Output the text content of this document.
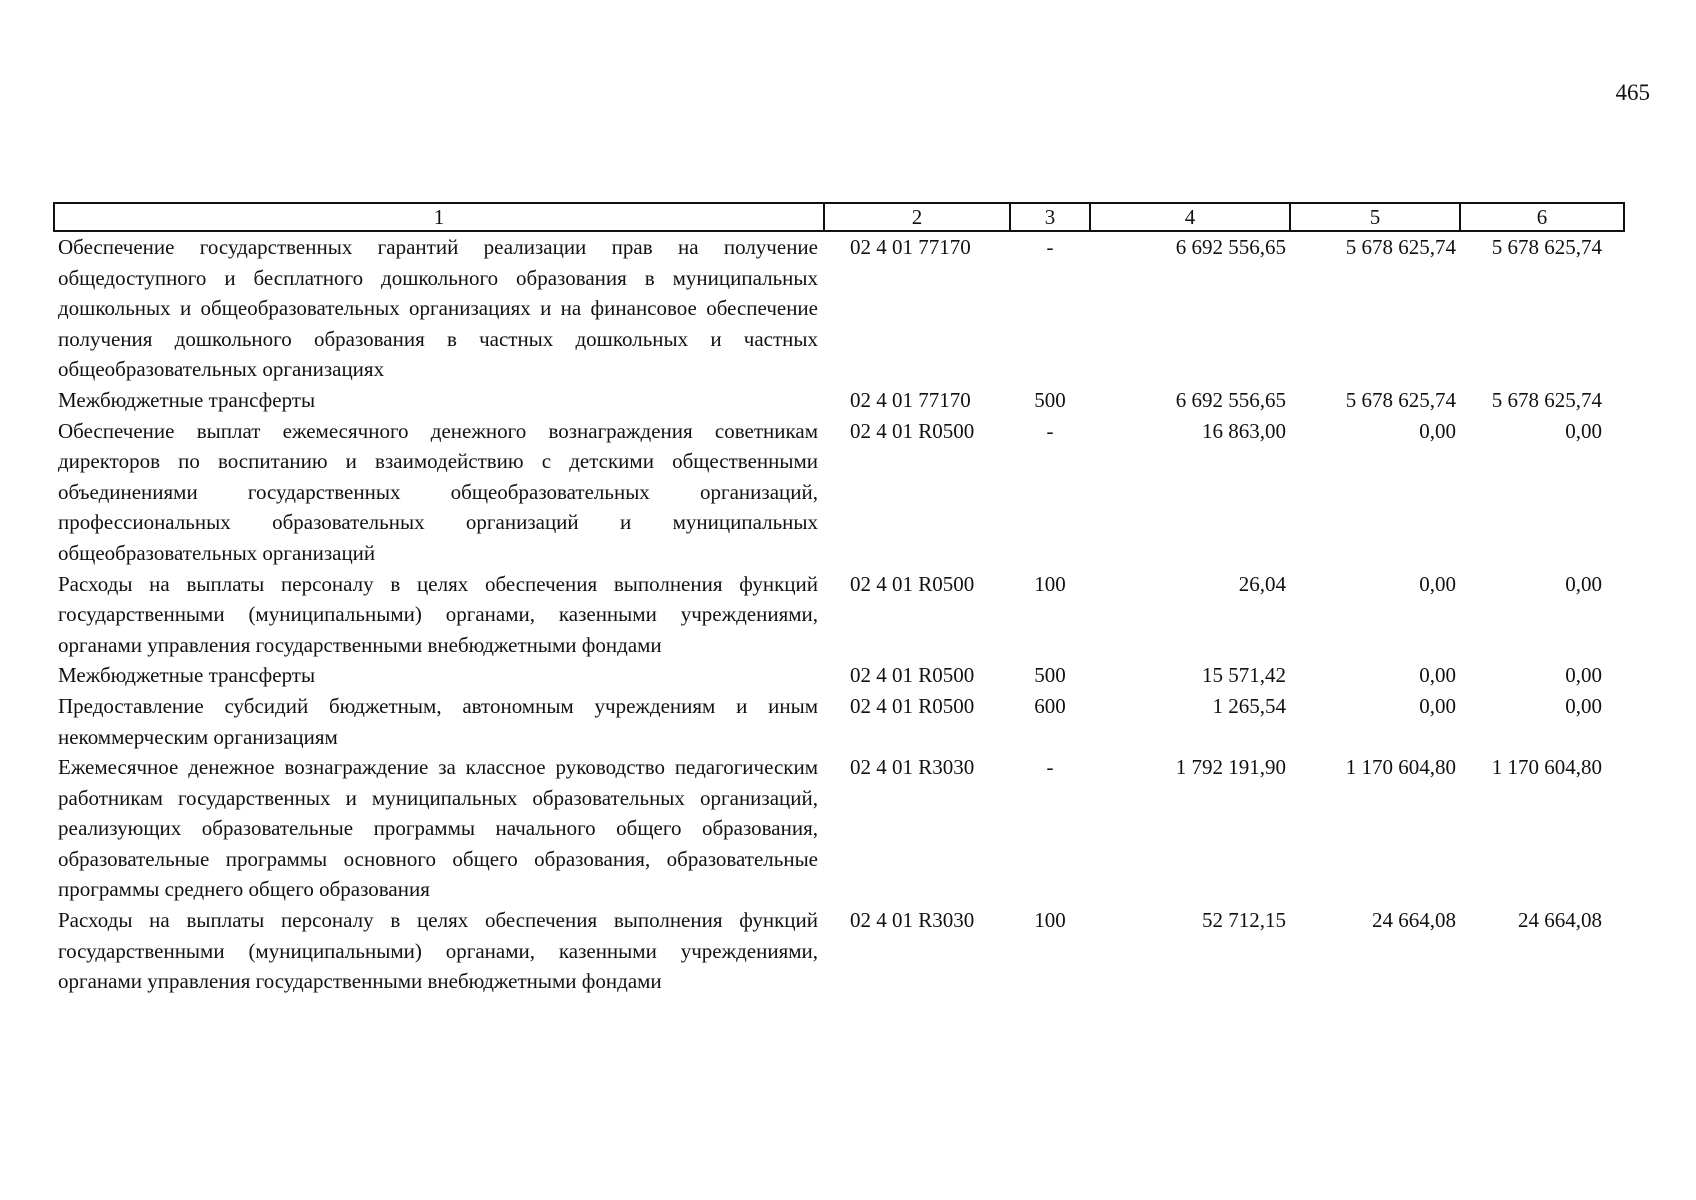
465
1	2	3	4	5	6
Обеспечение государственных гарантий реализации прав на получение общедоступного и бесплатного дошкольного образования в муниципальных дошкольных и общеобразовательных организациях и на финансовое обеспечение получения дошкольного образования в частных дошкольных и частных общеобразовательных организациях	02 4 01 77170	-	6 692 556,65	5 678 625,74	5 678 625,74
Межбюджетные трансферты	02 4 01 77170	500	6 692 556,65	5 678 625,74	5 678 625,74
Обеспечение выплат ежемесячного денежного вознаграждения советникам директоров по воспитанию и взаимодействию с детскими общественными объединениями государственных общеобразовательных организаций, профессиональных образовательных организаций и муниципальных общеобразовательных организаций	02 4 01 R0500	-	16 863,00	0,00	0,00
Расходы на выплаты персоналу в целях обеспечения выполнения функций государственными (муниципальными) органами, казенными учреждениями, органами управления государственными внебюджетными фондами	02 4 01 R0500	100	26,04	0,00	0,00
Межбюджетные трансферты	02 4 01 R0500	500	15 571,42	0,00	0,00
Предоставление субсидий бюджетным, автономным учреждениям и иным некоммерческим организациям	02 4 01 R0500	600	1 265,54	0,00	0,00
Ежемесячное денежное вознаграждение за классное руководство педагогическим работникам государственных и муниципальных образовательных организаций, реализующих образовательные программы начального общего образования, образовательные программы основного общего образования, образовательные программы среднего общего образования	02 4 01 R3030	-	1 792 191,90	1 170 604,80	1 170 604,80
Расходы на выплаты персоналу в целях обеспечения выполнения функций государственными (муниципальными) органами, казенными учреждениями, органами управления государственными внебюджетными фондами	02 4 01 R3030	100	52 712,15	24 664,08	24 664,08
